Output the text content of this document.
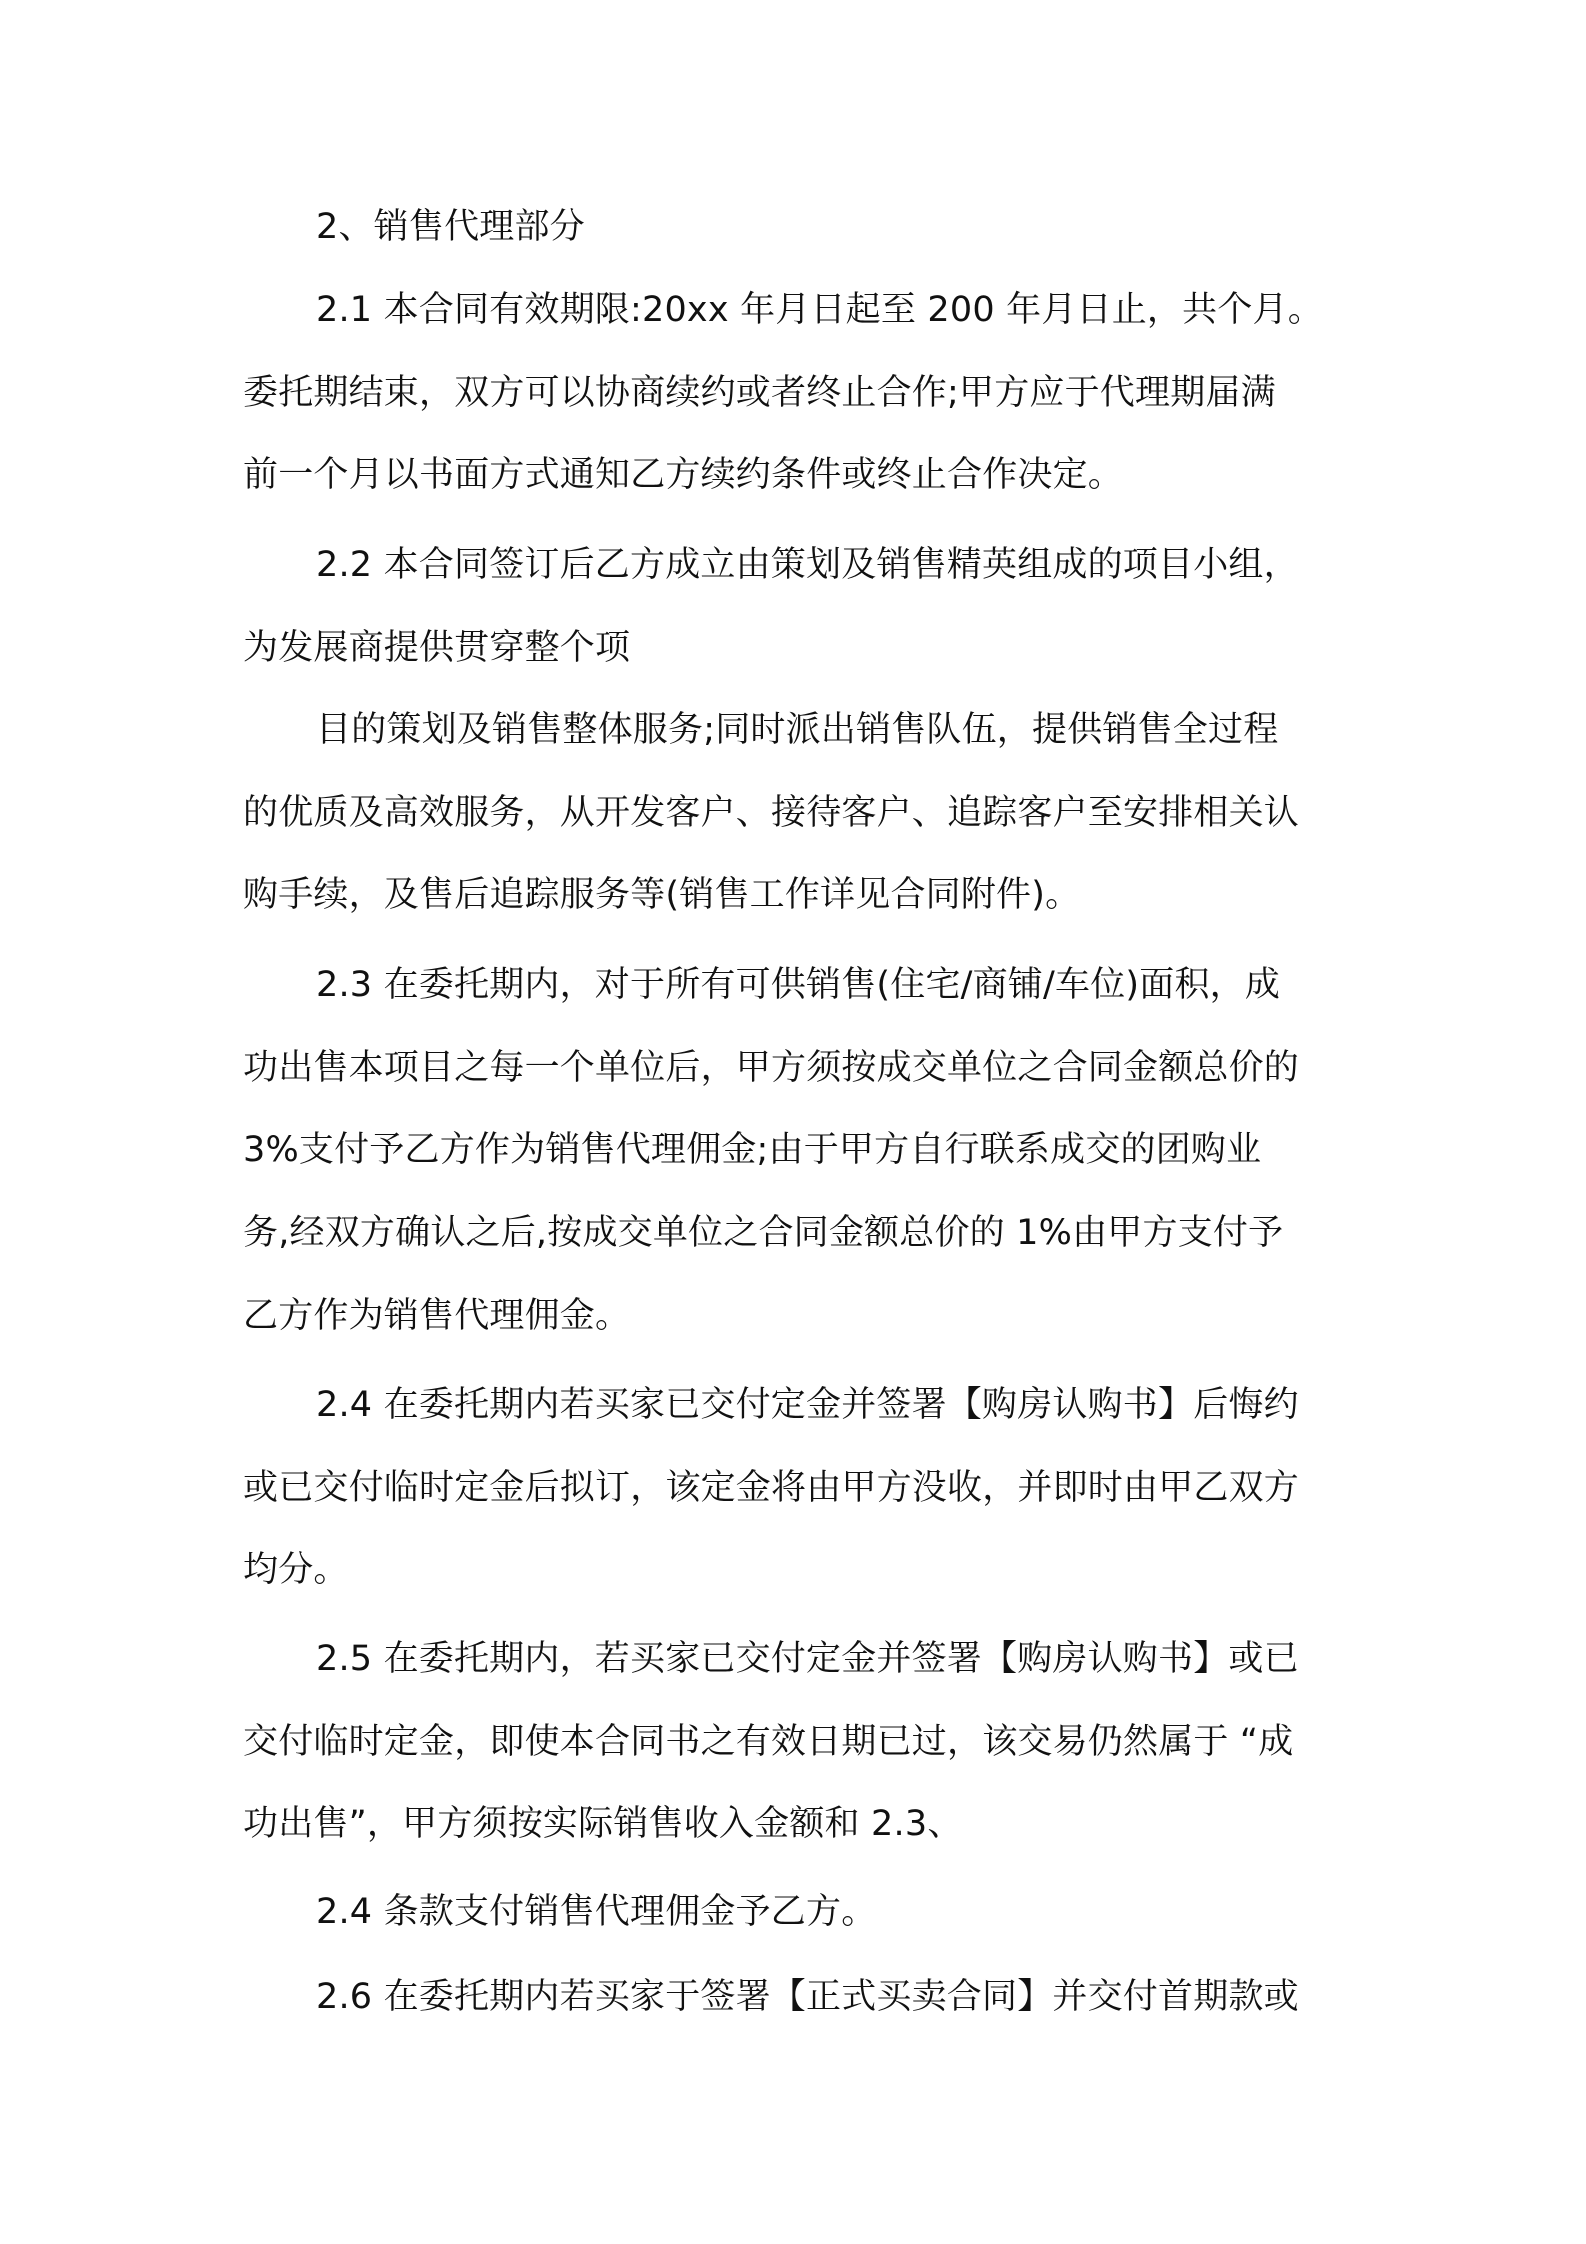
2、销售代理部分

2.1 本合同有效期限:20xx 年月日起至 200 年月日止，共个月。
委托期结束，双方可以协商续约或者终止合作;甲方应于代理期届满
前一个月以书面方式通知乙方续约条件或终止合作决定。

2.2 本合同签订后乙方成立由策划及销售精英组成的项目小组，
为发展商提供贯穿整个项

目的策划及销售整体服务;同时派出销售队伍，提供销售全过程
的优质及高效服务，从开发客户、接待客户、追踪客户至安排相关认
购手续，及售后追踪服务等(销售工作详见合同附件)。

2.3 在委托期内，对于所有可供销售(住宅/商铺/车位)面积，成
功出售本项目之每一个单位后，甲方须按成交单位之合同金额总价的
3%支付予乙方作为销售代理佣金;由于甲方自行联系成交的团购业
务,经双方确认之后,按成交单位之合同金额总价的 1%由甲方支付予
乙方作为销售代理佣金。

2.4 在委托期内若买家已交付定金并签署【购房认购书】后悔约
或已交付临时定金后拟订，该定金将由甲方没收，并即时由甲乙双方
均分。

2.5 在委托期内，若买家已交付定金并签署【购房认购书】或已
交付临时定金，即使本合同书之有效日期已过，该交易仍然属于 “成
功出售”，甲方须按实际销售收入金额和 2.3、

2.4 条款支付销售代理佣金予乙方。

2.6 在委托期内若买家于签署【正式买卖合同】并交付首期款或
